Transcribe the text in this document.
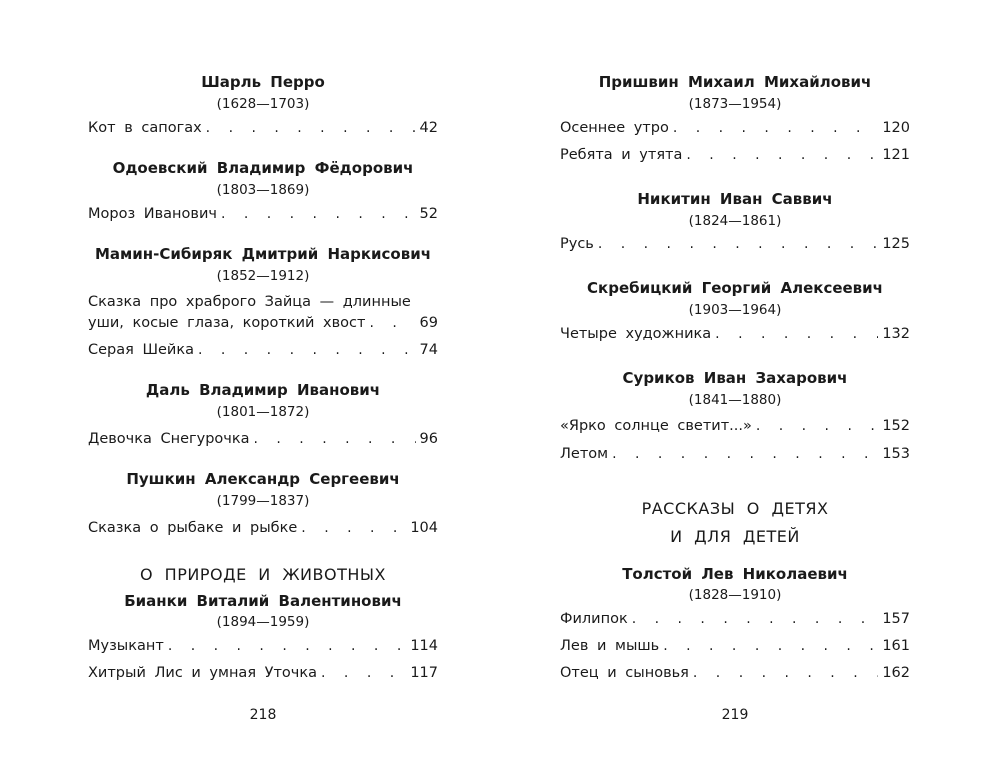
Шарль Перро
(1628—1703)
Кот в сапогах . . .	42
Одоевский Владимир Фёдорович
(1803—1869)
Мороз Иванович . . .	52
Мамин-Сибиряк Дмитрий Наркисович
(1852—1912)
Сказка про храброго Зайца — длинные
уши, косые глаза, короткий хвост . . .	69
Серая Шейка . . .	74
Даль Владимир Иванович
(1801—1872)
Девочка Снегурочка . . .	96
Пушкин Александр Сергеевич
(1799—1837)
Сказка о рыбаке и рыбке . . .	104
О ПРИРОДЕ И ЖИВОТНЫХ
Бианки Виталий Валентинович
(1894—1959)
Музыкант . . .	114
Хитрый Лис и умная Уточка . . .	117
218
Пришвин Михаил Михайлович
(1873—1954)
Осеннее утро . . .	120
Ребята и утята . . .	121
Никитин Иван Саввич
(1824—1861)
Русь . . .	125
Скребицкий Георгий Алексеевич
(1903—1964)
Четыре художника . . .	132
Суриков Иван Захарович
(1841—1880)
«Ярко солнце светит...» . . .	152
Летом . . .	153
РАССКАЗЫ О ДЕТЯХ
И ДЛЯ ДЕТЕЙ
Толстой Лев Николаевич
(1828—1910)
Филипок . . .	157
Лев и мышь . . .	161
Отец и сыновья . . .	162
219
